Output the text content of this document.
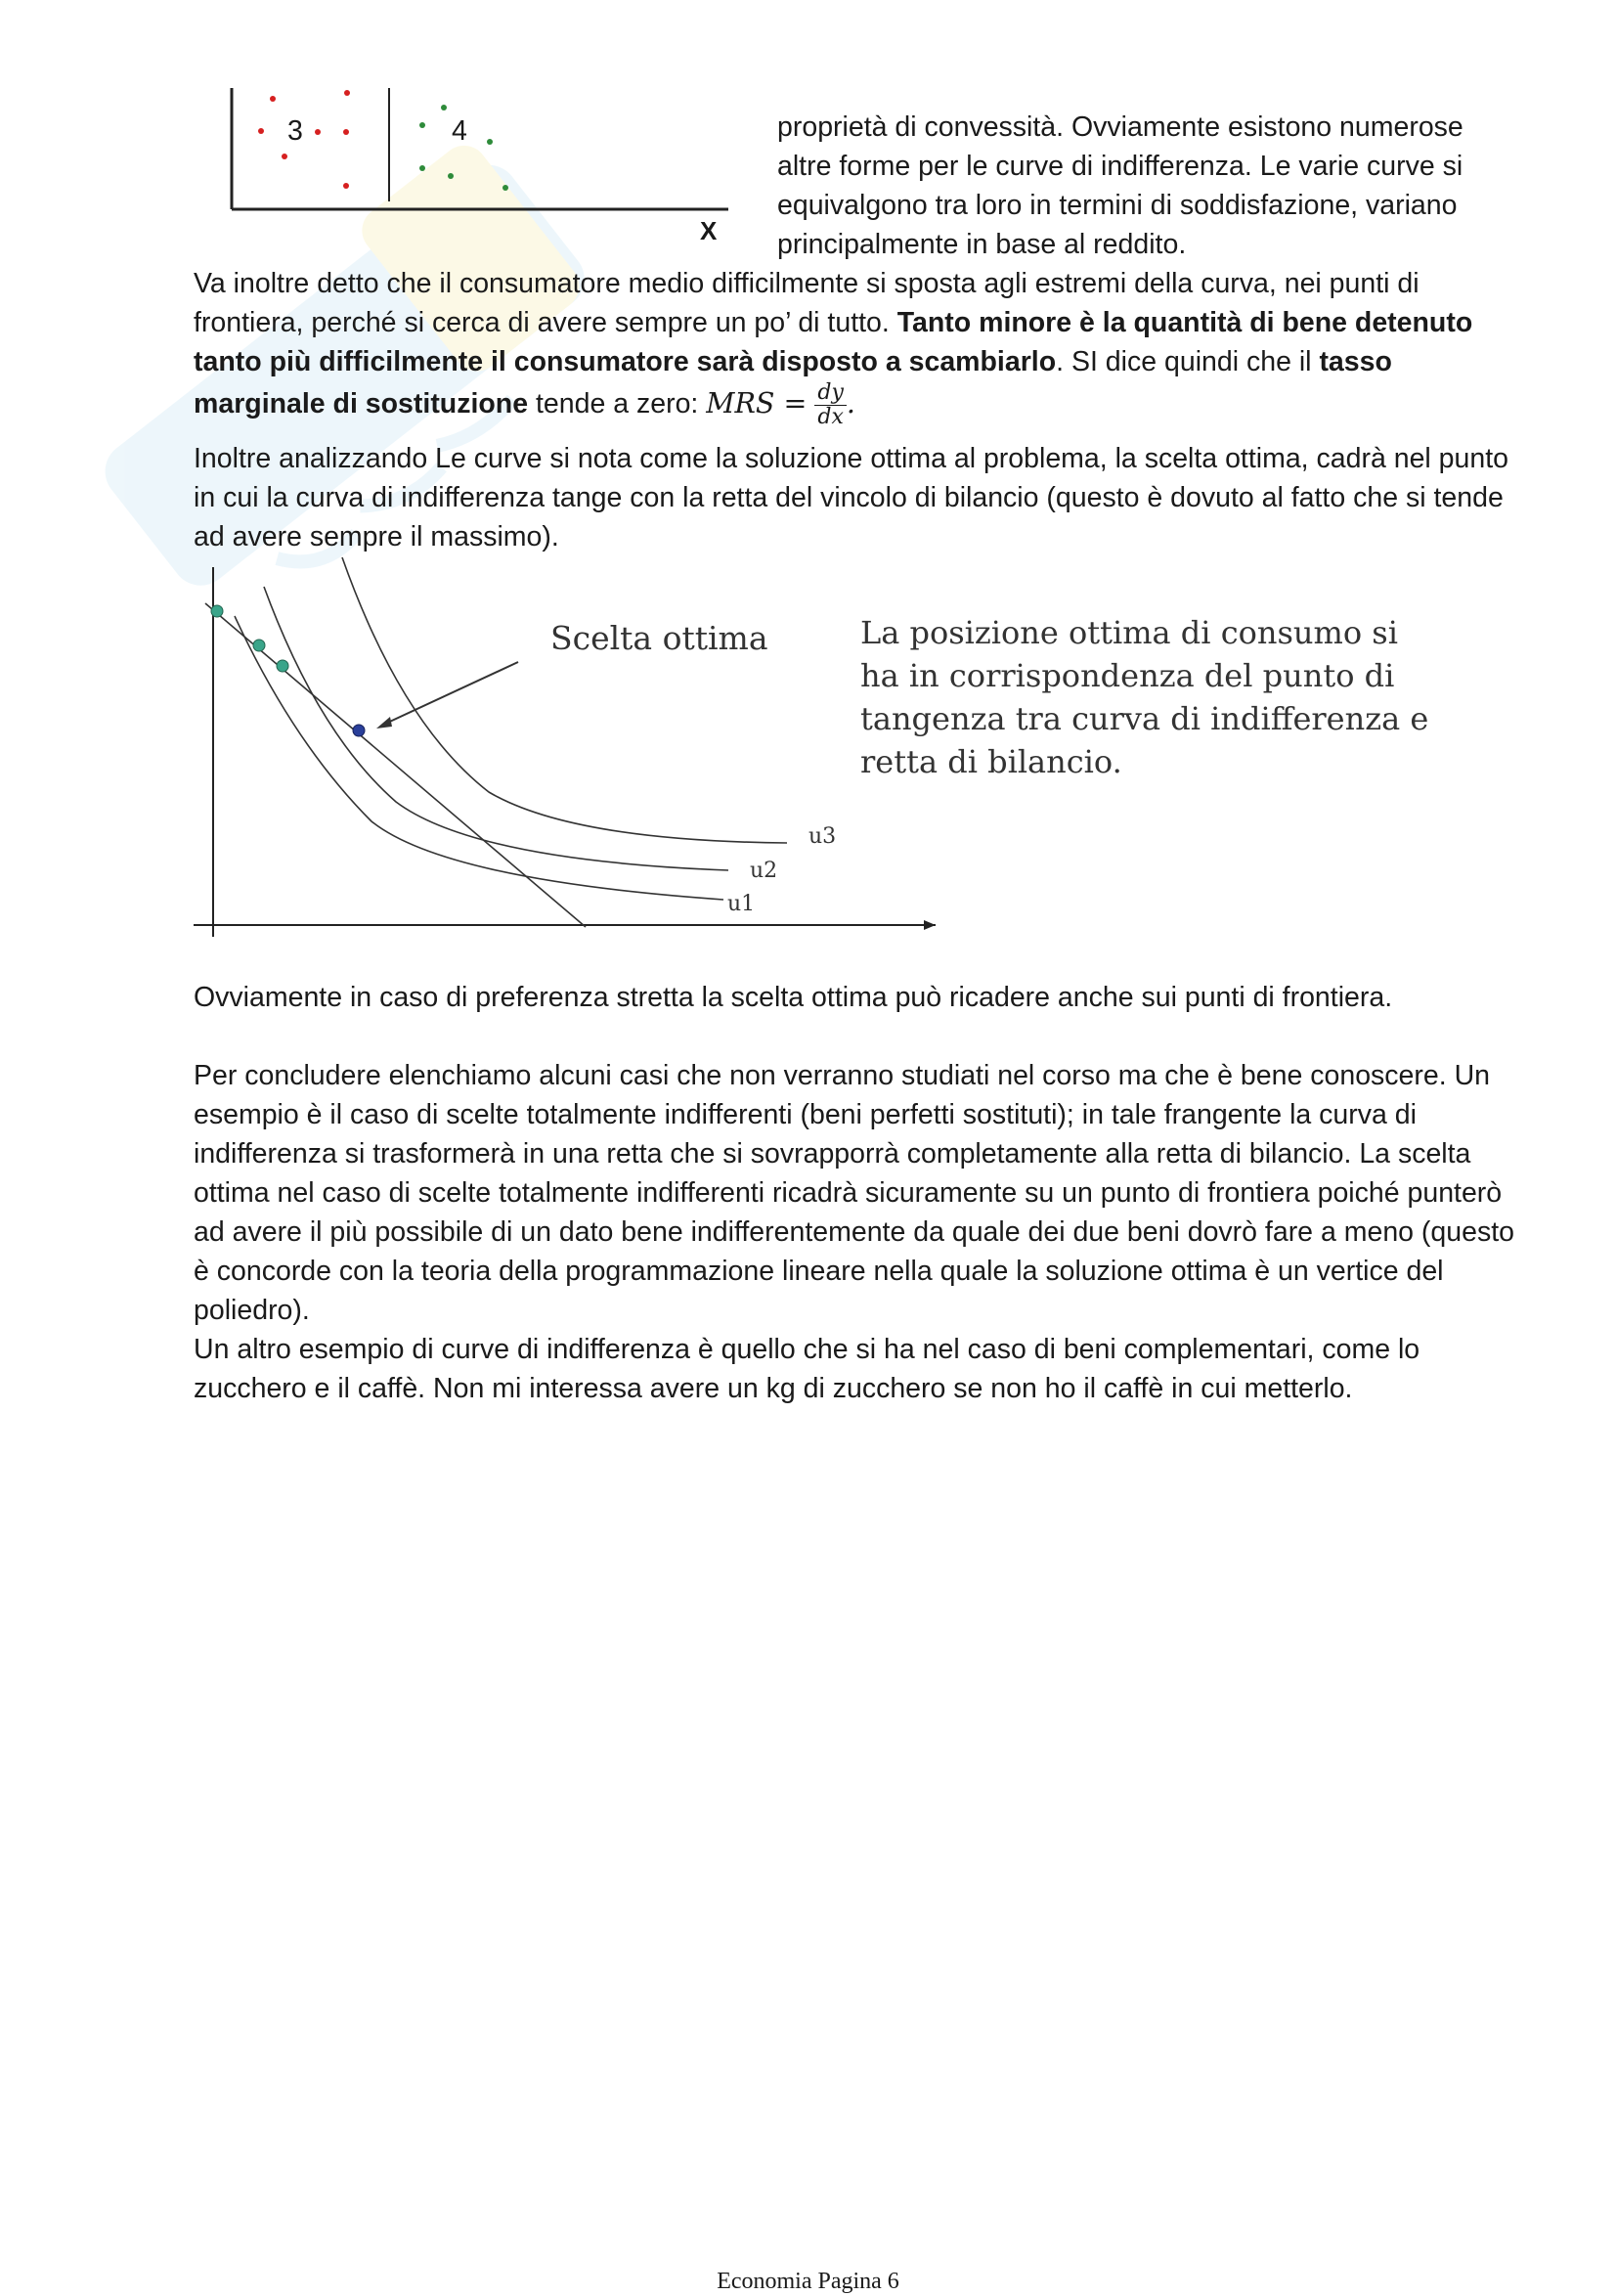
3	4
X
proprietà di convessità. Ovviamente esistono numerose
altre forme per le curve di indifferenza. Le varie curve si
equivalgono tra loro in termini di soddisfazione, variano
principalmente in base al reddito.

Va inoltre detto che il consumatore medio difficilmente si sposta agli estremi della curva, nei punti di frontiera, perché si cerca di avere sempre un po’ di tutto. Tanto minore è la quantità di bene detenuto tanto più difficilmente il consumatore sarà disposto a scambiarlo. SI dice quindi che il tasso marginale di sostituzione tende a zero: MRS = $\frac{dy}{dx}$ .

Inoltre analizzando Le curve si nota come la soluzione ottima al problema, la scelta ottima, cadrà nel punto in cui la curva di indifferenza tange con la retta del vincolo di bilancio (questo è dovuto al fatto che si tende ad avere sempre il massimo).

Scelta ottima
u3
u2
u1
La posizione ottima di consumo si
ha in corrispondenza del punto di
tangenza tra curva di indifferenza e
retta di bilancio.

Ovviamente in caso di preferenza stretta la scelta ottima può ricadere anche sui punti di frontiera.

Per concludere elenchiamo alcuni casi che non verranno studiati nel corso ma che è bene conoscere. Un esempio è il caso di scelte totalmente indifferenti (beni perfetti sostituti); in tale frangente la curva di indifferenza si trasformerà in una retta che si sovrapporrà completamente alla retta di bilancio. La scelta ottima nel caso di scelte totalmente indifferenti ricadrà sicuramente su un punto di frontiera poiché punterò ad avere il più possibile di un dato bene indifferentemente da quale dei due beni dovrò fare a meno (questo è concorde con la teoria della programmazione lineare nella quale la soluzione ottima è un vertice del poliedro).

Un altro esempio di curve di indifferenza è quello che si ha nel caso di beni complementari, come lo zucchero e il caffè. Non mi interessa avere un kg di zucchero se non ho il caffè in cui metterlo.

Economia Pagina 6
